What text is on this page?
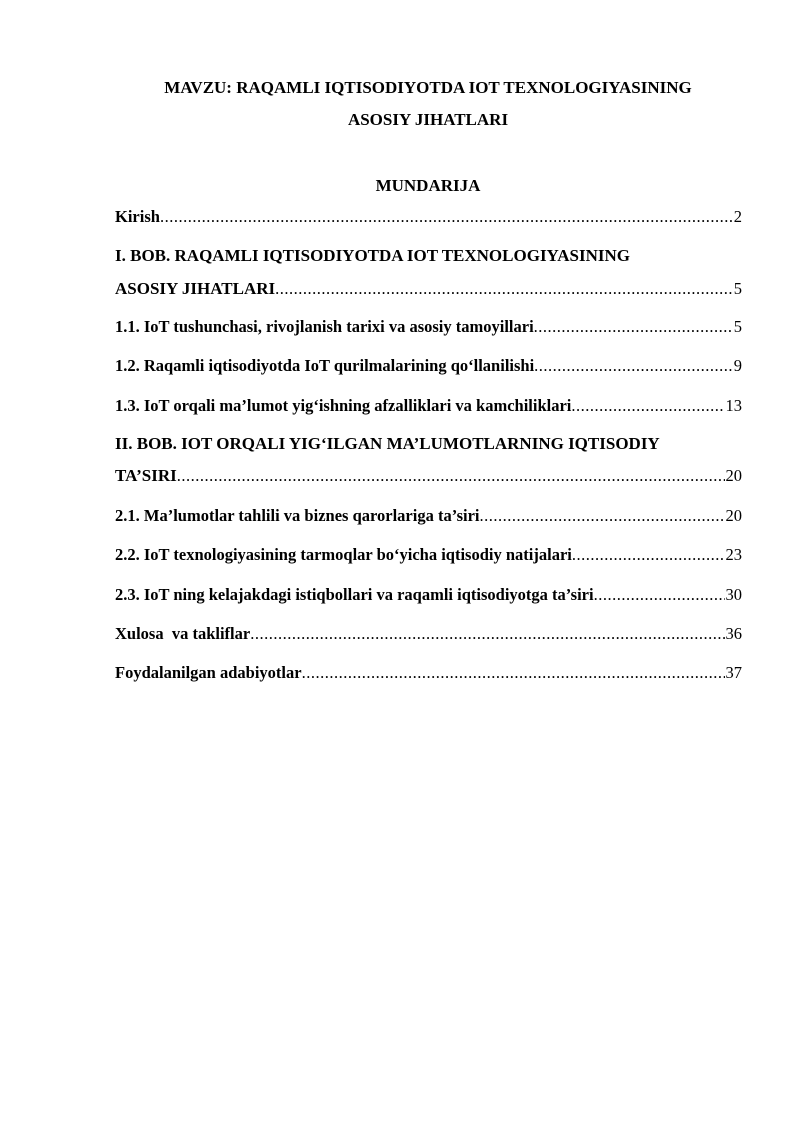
MAVZU: RAQAMLI IQTISODIYOTDA IOT TEXNOLOGIYASINING
ASOSIY JIHATLARI
MUNDARIJA
Kirish .....	2
I. BOB. RAQAMLI IQTISODIYOTDA IOT TEXNOLOGIYASINING
ASOSIY JIHATLARI .....	5
1.1. IoT tushunchasi, rivojlanish tarixi va asosiy tamoyillari .....	5
1.2. Raqamli iqtisodiyotda IoT qurilmalarining qo‘llanilishi .....	9
1.3. IoT orqali ma’lumot yig‘ishning afzalliklari va kamchiliklari .....	13
II. BOB. IOT ORQALI YIG‘ILGAN MA’LUMOTLARNING IQTISODIY
TA’SIRI .....	20
2.1. Ma’lumotlar tahlili va biznes qarorlariga ta’siri .....	20
2.2. IoT texnologiyasining tarmoqlar bo‘yicha iqtisodiy natijalari .....	23
2.3. IoT ning kelajakdagi istiqbollari va raqamli iqtisodiyotga ta’siri .....	30
Xulosa  va takliflar .....	36
Foydalanilgan adabiyotlar .....	37
